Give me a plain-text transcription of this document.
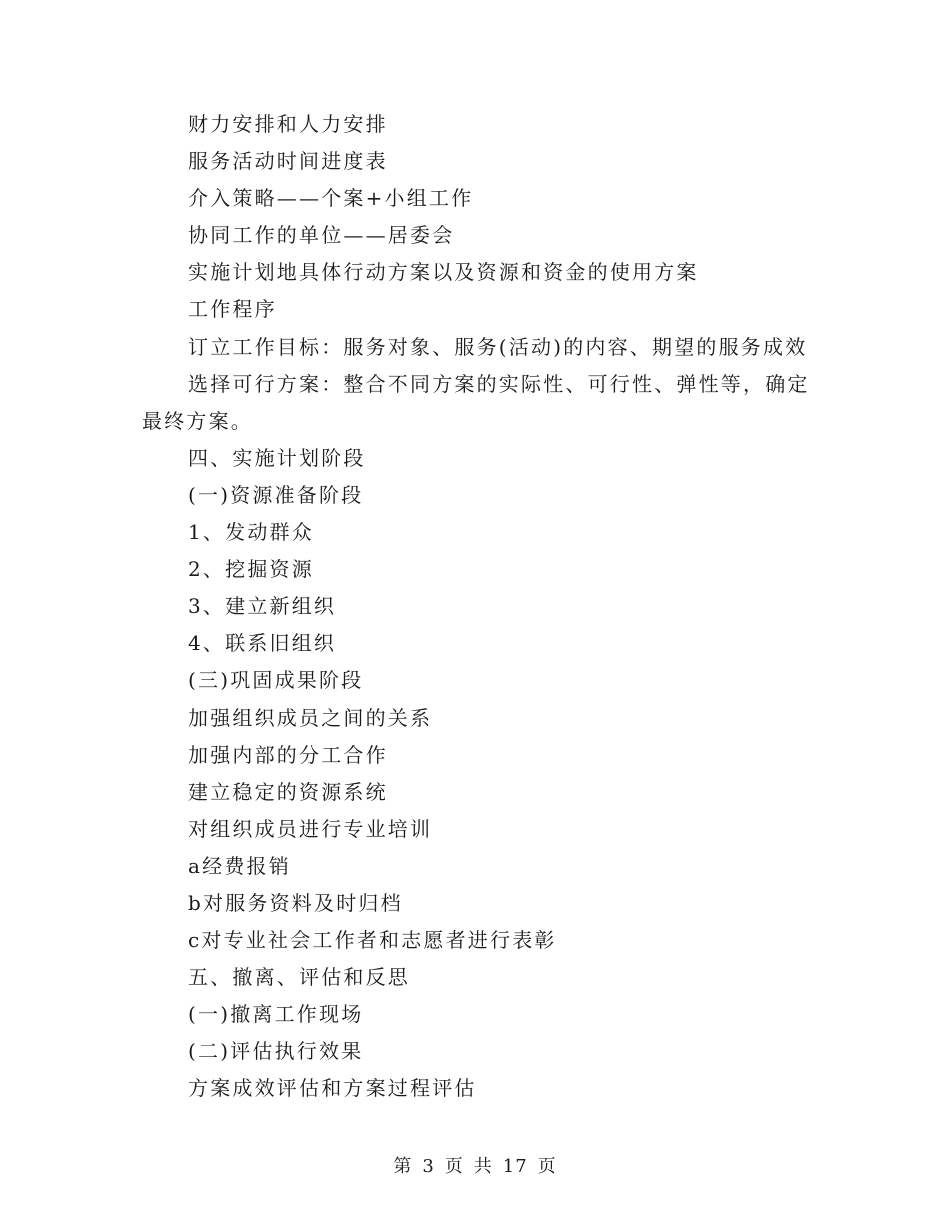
财力安排和人力安排
服务活动时间进度表
介入策略——个案+小组工作
协同工作的单位——居委会
实施计划地具体行动方案以及资源和资金的使用方案
工作程序
订立工作目标：服务对象、服务(活动)的内容、期望的服务成效
选择可行方案：整合不同方案的实际性、可行性、弹性等，确定
最终方案。
四、实施计划阶段
(一)资源准备阶段
1、发动群众
2、挖掘资源
3、建立新组织
4、联系旧组织
(三)巩固成果阶段
加强组织成员之间的关系
加强内部的分工合作
建立稳定的资源系统
对组织成员进行专业培训
a经费报销
b对服务资料及时归档
c对专业社会工作者和志愿者进行表彰
五、撤离、评估和反思
(一)撤离工作现场
(二)评估执行效果
方案成效评估和方案过程评估
第 3 页 共 17 页
